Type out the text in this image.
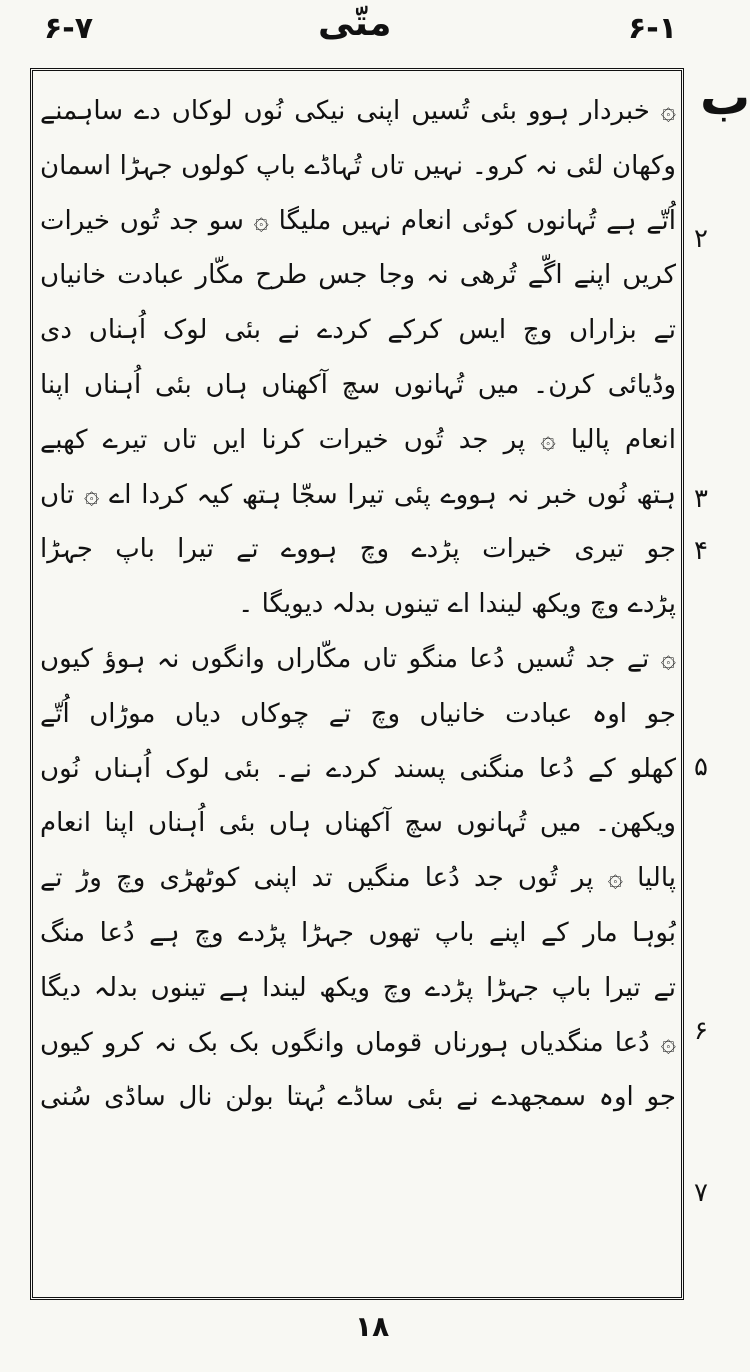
۶-۷	متّی	۶-۱
ب
۞ خبردار ہوو بئی تُسیں اپنی نیکی نُوں لوکاں دے ساہمنے
وکھان لئی نہ کرو۔ نہیں تاں تُہاڈے باپ کولوں جہڑا اسمان
اُتّے ہے تُہانوں کوئی انعام نہیں ملیگا ۞ سو جد تُوں خیرات
کریں اپنے اگّے تُرھی نہ وجا جس طرح مکّار عبادت خانیاں
تے بزاراں وچ ایس کرکے کردے نے بئی لوک اُہناں دی
وڈیائی کرن۔ میں تُہانوں سچ آکھناں ہاں بئی اُہناں اپنا
انعام پالیا ۞ پر جد تُوں خیرات کرنا ایں تاں تیرے کھبے
ہتھ نُوں خبر نہ ہووے پئی تیرا سجّا ہتھ کیہ کردا اے ۞ تاں
جو تیری خیرات پڑدے وچ ہووے تے تیرا باپ جہڑا
پڑدے وچ ویکھ لیندا اے تینوں بدلہ دیویگا ۔
۞ تے جد تُسیں دُعا منگو تاں مکّاراں وانگوں نہ ہوؤ کیوں
جو اوہ عبادت خانیاں وچ تے چوکاں دیاں موڑاں اُتّے
کھلو کے دُعا منگنی پسند کردے نے۔ بئی لوک اُہناں نُوں
ویکھن۔ میں تُہانوں سچ آکھناں ہاں بئی اُہناں اپنا انعام
پالیا ۞ پر تُوں جد دُعا منگیں تد اپنی کوٹھڑی وچ وڑ تے
بُوہا مار کے اپنے باپ تھوں جہڑا پڑدے وچ ہے دُعا منگ
تے تیرا باپ جہڑا پڑدے وچ ویکھ لیندا ہے تینوں بدلہ دیگا
۞ دُعا منگدیاں ہورناں قوماں وانگوں بک بک نہ کرو کیوں
جو اوہ سمجھدے نے بئی ساڈے بُہتا بولن نال ساڈی سُنی
۲
۳
۴
۵
۶
۷
۱۸
